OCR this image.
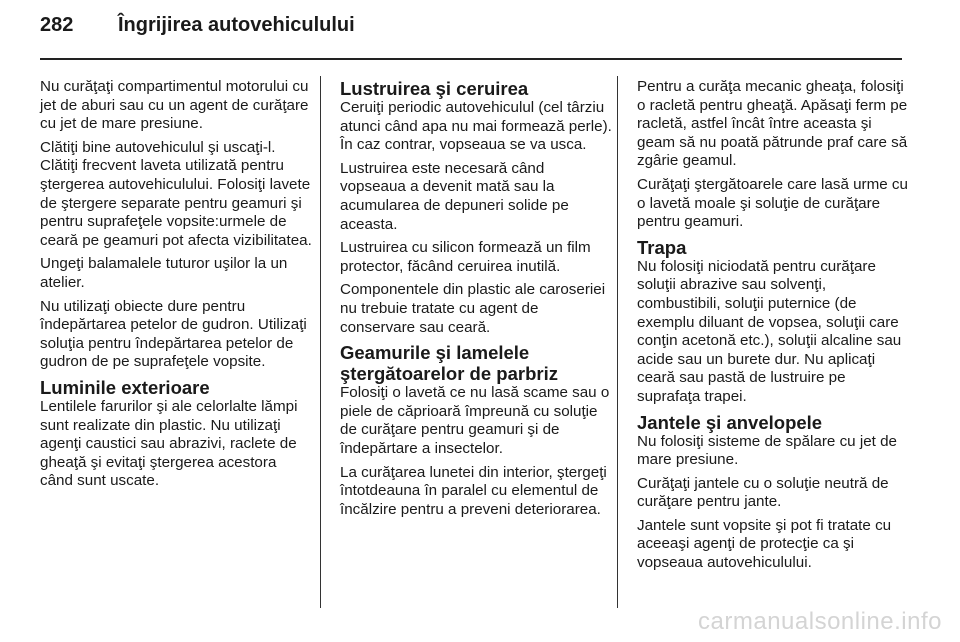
282	Îngrijirea autovehiculului

Nu curăţaţi compartimentul motorului cu jet de aburi sau cu un agent de curăţare cu jet de mare presiune.

Clătiţi bine autovehiculul şi uscaţi-l. Clătiţi frecvent laveta utilizată pentru ştergerea autovehiculului. Folosiţi lavete de ştergere separate pentru geamuri şi pentru suprafeţele vopsite:urmele de ceară pe geamuri pot afecta vizibilitatea.

Ungeţi balamalele tuturor uşilor la un atelier.

Nu utilizaţi obiecte dure pentru îndepărtarea petelor de gudron. Utilizaţi soluţia pentru îndepărtarea petelor de gudron de pe suprafeţele vopsite.

Luminile exterioare

Lentilele farurilor şi ale celorlalte lămpi sunt realizate din plastic. Nu utilizaţi agenţi caustici sau abrazivi, raclete de gheaţă şi evitaţi ştergerea acestora când sunt uscate.

Lustruirea şi ceruirea

Ceruiţi periodic autovehiculul (cel târziu atunci când apa nu mai formează perle). În caz contrar, vopseaua se va usca.

Lustruirea este necesară când vopseaua a devenit mată sau la acumularea de depuneri solide pe aceasta.

Lustruirea cu silicon formează un film protector, făcând ceruirea inutilă.

Componentele din plastic ale caroseriei nu trebuie tratate cu agent de conservare sau ceară.

Geamurile şi lamelele ştergătoarelor de parbriz

Folosiţi o lavetă ce nu lasă scame sau o piele de căprioară împreună cu soluţie de curăţare pentru geamuri şi de îndepărtare a insectelor.

La curăţarea lunetei din interior, ştergeţi întotdeauna în paralel cu elementul de încălzire pentru a preveni deteriorarea.

Pentru a curăţa mecanic gheaţa, folosiţi o racletă pentru gheaţă. Apăsaţi ferm pe racletă, astfel încât între aceasta şi geam să nu poată pătrunde praf care să zgârie geamul.

Curăţaţi ştergătoarele care lasă urme cu o lavetă moale şi soluţie de curăţare pentru geamuri.

Trapa

Nu folosiţi niciodată pentru curăţare soluţii abrazive sau solvenţi, combustibili, soluţii puternice (de exemplu diluant de vopsea, soluţii care conţin acetonă etc.), soluţii alcaline sau acide sau un burete dur. Nu aplicaţi ceară sau pastă de lustruire pe suprafaţa trapei.

Jantele şi anvelopele

Nu folosiţi sisteme de spălare cu jet de mare presiune.

Curăţaţi jantele cu o soluţie neutră de curăţare pentru jante.

Jantele sunt vopsite şi pot fi tratate cu aceeaşi agenţi de protecţie ca şi vopseaua autovehiculului.

carmanualsonline.info
